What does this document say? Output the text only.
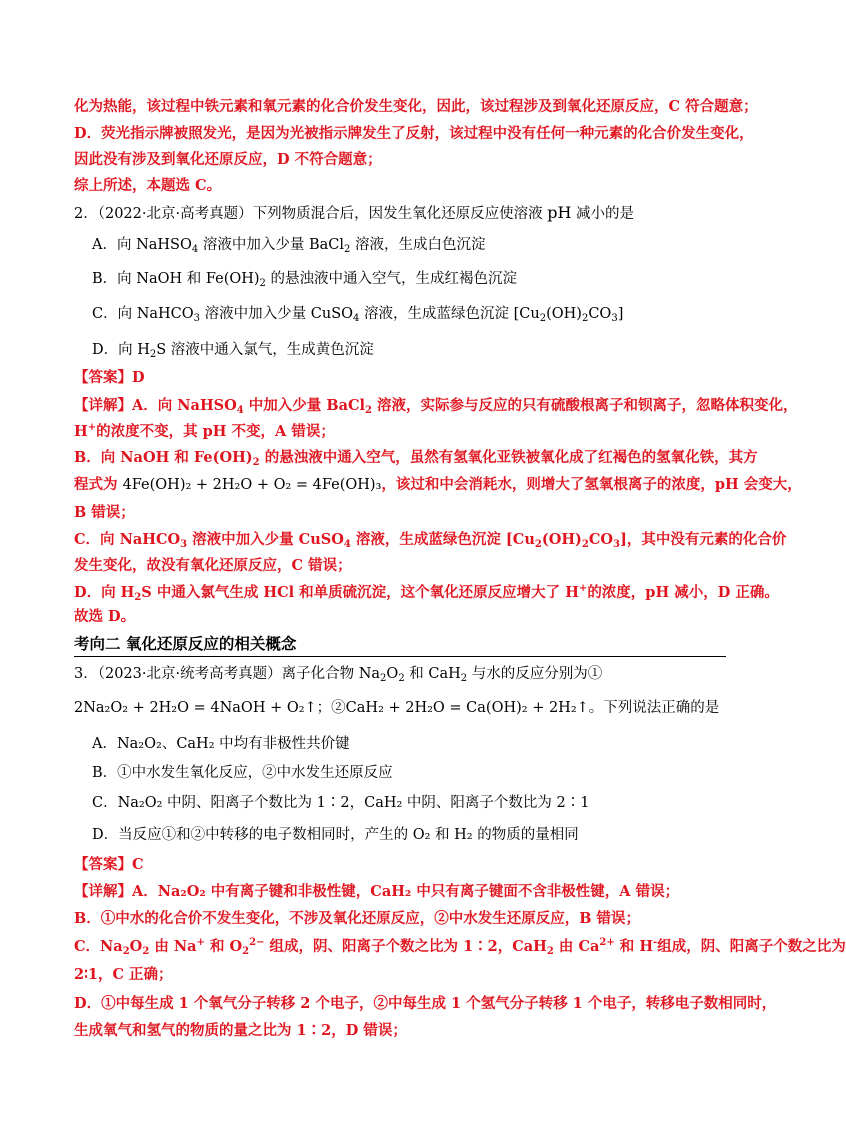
化为热能，该过程中铁元素和氧元素的化合价发生变化，因此，该过程涉及到氧化还原反应，C 符合题意；
D．荧光指示牌被照发光，是因为光被指示牌发生了反射，该过程中没有任何一种元素的化合价发生变化，
因此没有涉及到氧化还原反应，D 不符合题意；
综上所述，本题选 C。
2．（2022·北京·高考真题）下列物质混合后，因发生氧化还原反应使溶液 pH 减小的是
A．向 NaHSO$_4$ 溶液中加入少量 BaCl$_2$ 溶液，生成白色沉淀
B．向 NaOH 和 $Fe(OH)_2$ 的悬浊液中通入空气，生成红褐色沉淀
C．向 NaHCO$_3$ 溶液中加入少量 CuSO$_4$ 溶液，生成蓝绿色沉淀 $[Cu_2(OH)_2CO_3]$
D．向 $H_2S$ 溶液中通入氯气，生成黄色沉淀
【答案】D
【详解】A．向 NaHSO$_4$ 中加入少量 BaCl$_2$ 溶液，实际参与反应的只有硫酸根离子和钡离子，忽略体积变化，
H+的浓度不变，其 pH 不变，A 错误；
B．向 NaOH 和 $Fe(OH)_2$ 的悬浊液中通入空气，虽然有氢氧化亚铁被氧化成了红褐色的氢氧化铁，其方
程式为 4Fe(OH)₂ + 2H₂O + O₂ = 4Fe(OH)₃，该过和中会消耗水，则增大了氢氧根离子的浓度，pH 会变大，
B 错误；
C．向 NaHCO$_3$ 溶液中加入少量 CuSO$_4$ 溶液，生成蓝绿色沉淀 $[Cu_2(OH)_2CO_3]$，其中没有元素的化合价
发生变化，故没有氧化还原反应，C 错误；
D．向 $H_2S$ 中通入氯气生成 HCl 和单质硫沉淀，这个氧化还原反应增大了 H+的浓度，pH 减小，D 正确。
故选 D。
考向二 氧化还原反应的相关概念
3．（2023·北京·统考高考真题）离子化合物 $Na_2O_2$ 和 CaH$_2$ 与水的反应分别为①
2Na₂O₂ + 2H₂O = 4NaOH + O₂↑；②CaH₂ + 2H₂O = Ca(OH)₂ + 2H₂↑。下列说法正确的是
A．Na₂O₂、CaH₂ 中均有非极性共价键
B．①中水发生氧化反应，②中水发生还原反应
C．Na₂O₂ 中阴、阳离子个数比为 1∶2，CaH₂ 中阴、阳离子个数比为 2∶1
D．当反应①和②中转移的电子数相同时，产生的 O₂ 和 H₂ 的物质的量相同
【答案】C
【详解】A．Na₂O₂ 中有离子键和非极性键，CaH₂ 中只有离子键面不含非极性键，A 错误；
B．①中水的化合价不发生变化，不涉及氧化还原反应，②中水发生还原反应，B 错误；
C．$Na_2O_2$ 由 Na+ 和 $O_2^{2-}$ 组成，阴、阳离子个数之比为 1∶2，CaH$_2$ 由 $Ca^{2+}$ 和 H-组成，阴、阳离子个数之比为
2∶1，C 正确；
D．①中每生成 1 个氧气分子转移 2 个电子，②中每生成 1 个氢气分子转移 1 个电子，转移电子数相同时，
生成氧气和氢气的物质的量之比为 1∶2，D 错误；
